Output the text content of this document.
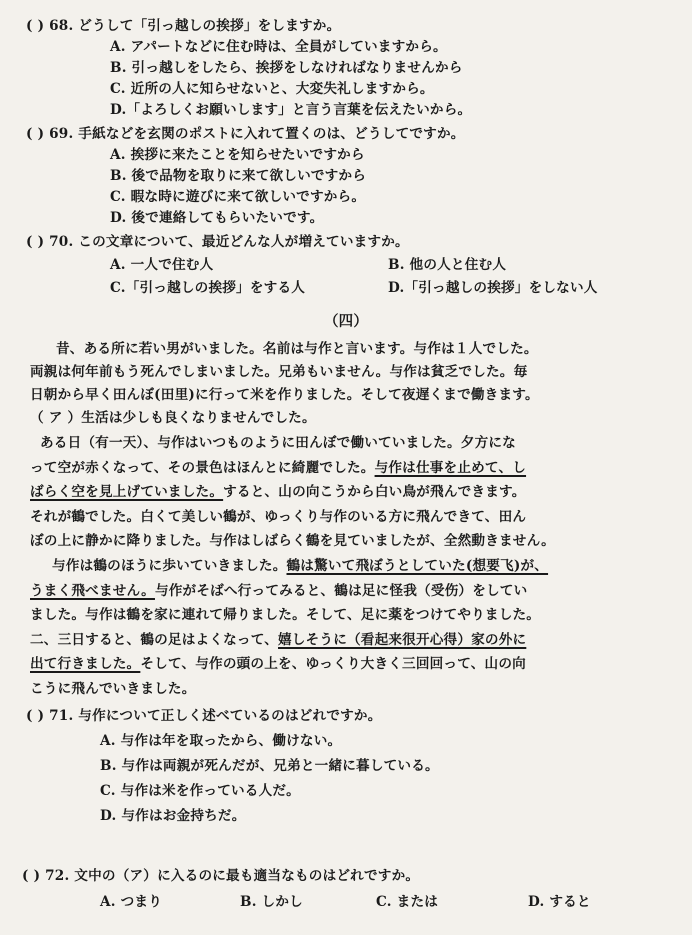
( ) 68. どうして「引っ越しの挨拶」をしますか。
A. アパートなどに住む時は、全員がしていますから。
B. 引っ越しをしたら、挨拶をしなければなりませんから
C. 近所の人に知らせないと、大変失礼しますから。
D.「よろしくお願いします」と言う言葉を伝えたいから。
( ) 69. 手紙などを玄関のポストに入れて置くのは、どうしてですか。
A. 挨拶に来たことを知らせたいですから
B. 後で品物を取りに来て欲しいですから
C. 暇な時に遊びに来て欲しいですから。
D. 後で連絡してもらいたいです。
( ) 70. この文章について、最近どんな人が増えていますか。
A. 一人で住む人	B. 他の人と住む人
C.「引っ越しの挨拶」をする人	D.「引っ越しの挨拶」をしない人
（四）
昔、ある所に若い男がいました。名前は与作と言います。与作は１人でした。
両親は何年前もう死んでしまいました。兄弟もいません。与作は貧乏でした。毎
日朝から早く田んぼ(田里)に行って米を作りました。そして夜遅くまで働きます。
（ ア ）生活は少しも良くなりませんでした。
ある日（有一天）、与作はいつものように田んぼで働いていました。夕方にな
って空が赤くなって、その景色はほんとに綺麗でした。与作は仕事を止めて、し
ばらく空を見上げていました。すると、山の向こうから白い鳥が飛んできます。
それが鶴でした。白くて美しい鶴が、ゆっくり与作のいる方に飛んできて、田ん
ぼの上に静かに降りました。与作はしばらく鶴を見ていましたが、全然動きません。
与作は鶴のほうに歩いていきました。鶴は驚いて飛ぼうとしていた(想要飞)が、
うまく飛べません。与作がそばへ行ってみると、鶴は足に怪我（受伤）をしてい
ました。与作は鶴を家に連れて帰りました。そして、足に薬をつけてやりました。
二、三日すると、鶴の足はよくなって、嬉しそうに（看起来很开心得）家の外に
出て行きました。そして、与作の頭の上を、ゆっくり大きく三回回って、山の向
こうに飛んでいきました。
( ) 71. 与作について正しく述べているのはどれですか。
A. 与作は年を取ったから、働けない。
B. 与作は両親が死んだが、兄弟と一緒に暮している。
C. 与作は米を作っている人だ。
D. 与作はお金持ちだ。
( ) 72. 文中の（ア）に入るのに最も適当なものはどれですか。
A. つまり	B. しかし	C. または	D. すると
